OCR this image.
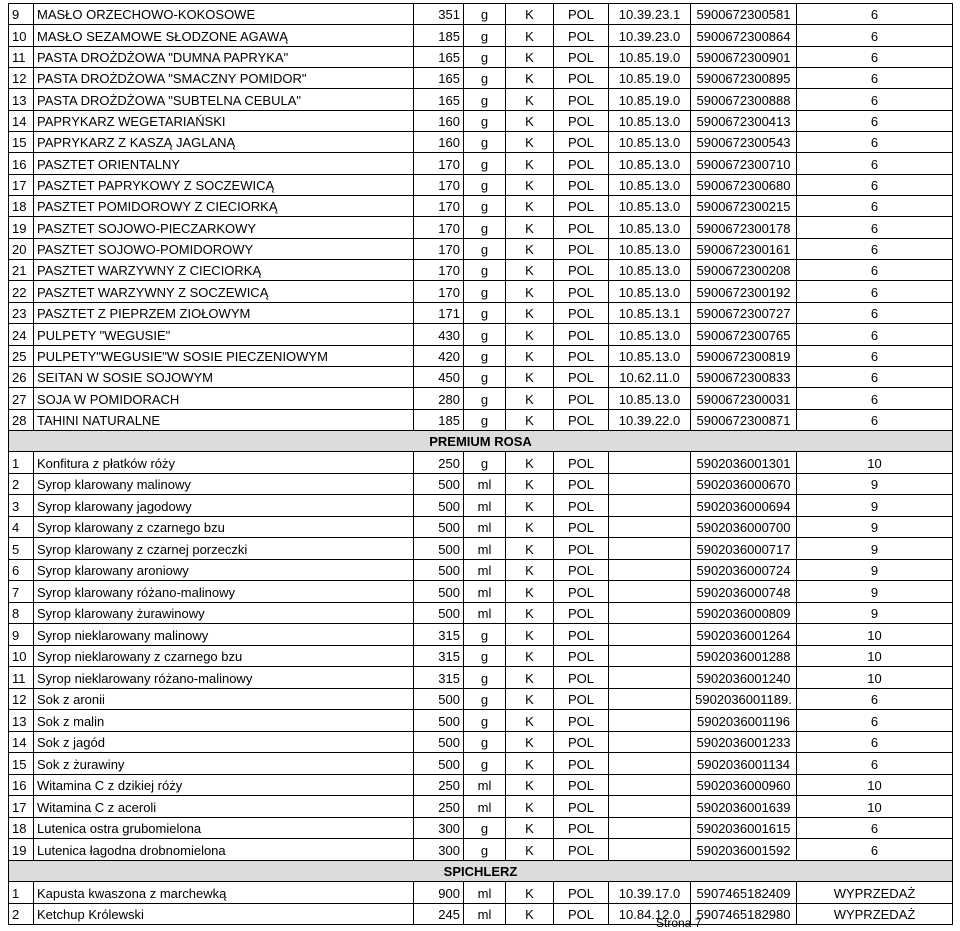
9	MASŁO ORZECHOWO-KOKOSOWE	351	g	K	POL	10.39.23.1	5900672300581	6
10	MASŁO SEZAMOWE SŁODZONE AGAWĄ	185	g	K	POL	10.39.23.0	5900672300864	6
11	PASTA DROŻDŻOWA "DUMNA PAPRYKA"	165	g	K	POL	10.85.19.0	5900672300901	6
12	PASTA DROŻDŻOWA "SMACZNY POMIDOR"	165	g	K	POL	10.85.19.0	5900672300895	6
13	PASTA DROŻDŻOWA "SUBTELNA CEBULA"	165	g	K	POL	10.85.19.0	5900672300888	6
14	PAPRYKARZ WEGETARIAŃSKI	160	g	K	POL	10.85.13.0	5900672300413	6
15	PAPRYKARZ Z KASZĄ JAGLANĄ	160	g	K	POL	10.85.13.0	5900672300543	6
16	PASZTET ORIENTALNY	170	g	K	POL	10.85.13.0	5900672300710	6
17	PASZTET PAPRYKOWY Z SOCZEWICĄ	170	g	K	POL	10.85.13.0	5900672300680	6
18	PASZTET POMIDOROWY Z CIECIORKĄ	170	g	K	POL	10.85.13.0	5900672300215	6
19	PASZTET SOJOWO-PIECZARKOWY	170	g	K	POL	10.85.13.0	5900672300178	6
20	PASZTET SOJOWO-POMIDOROWY	170	g	K	POL	10.85.13.0	5900672300161	6
21	PASZTET WARZYWNY Z CIECIORKĄ	170	g	K	POL	10.85.13.0	5900672300208	6
22	PASZTET WARZYWNY Z SOCZEWICĄ	170	g	K	POL	10.85.13.0	5900672300192	6
23	PASZTET Z PIEPRZEM ZIOŁOWYM	171	g	K	POL	10.85.13.1	5900672300727	6
24	PULPETY "WEGUSIE"	430	g	K	POL	10.85.13.0	5900672300765	6
25	PULPETY"WEGUSIE"W SOSIE PIECZENIOWYM	420	g	K	POL	10.85.13.0	5900672300819	6
26	SEITAN W SOSIE SOJOWYM	450	g	K	POL	10.62.11.0	5900672300833	6
27	SOJA W POMIDORACH	280	g	K	POL	10.85.13.0	5900672300031	6
28	TAHINI NATURALNE	185	g	K	POL	10.39.22.0	5900672300871	6
PREMIUM ROSA								
1	Konfitura z płatków róży	250	g	K	POL		5902036001301	10
2	Syrop klarowany malinowy	500	ml	K	POL		5902036000670	9
3	Syrop klarowany jagodowy	500	ml	K	POL		5902036000694	9
4	Syrop klarowany z czarnego bzu	500	ml	K	POL		5902036000700	9
5	Syrop klarowany z czarnej porzeczki	500	ml	K	POL		5902036000717	9
6	Syrop klarowany aroniowy	500	ml	K	POL		5902036000724	9
7	Syrop klarowany różano-malinowy	500	ml	K	POL		5902036000748	9
8	Syrop klarowany żurawinowy	500	ml	K	POL		5902036000809	9
9	Syrop nieklarowany malinowy	315	g	K	POL		5902036001264	10
10	Syrop nieklarowany z czarnego bzu	315	g	K	POL		5902036001288	10
11	Syrop nieklarowany różano-malinowy	315	g	K	POL		5902036001240	10
12	Sok z aronii	500	g	K	POL		5902036001189.	6
13	Sok z malin	500	g	K	POL		5902036001196	6
14	Sok z jagód	500	g	K	POL		5902036001233	6
15	Sok z żurawiny	500	g	K	POL		5902036001134	6
16	Witamina C z dzikiej róży	250	ml	K	POL		5902036000960	10
17	Witamina C z aceroli	250	ml	K	POL		5902036001639	10
18	Lutenica ostra grubomielona	300	g	K	POL		5902036001615	6
19	Lutenica łagodna drobnomielona	300	g	K	POL		5902036001592	6
SPICHLERZ								
1	Kapusta kwaszona z marchewką	900	ml	K	POL	10.39.17.0	5907465182409	WYPRZEDAŻ
2	Ketchup Królewski	245	ml	K	POL	10.84.12.0	5907465182980	WYPRZEDAŻ
Strona 7
